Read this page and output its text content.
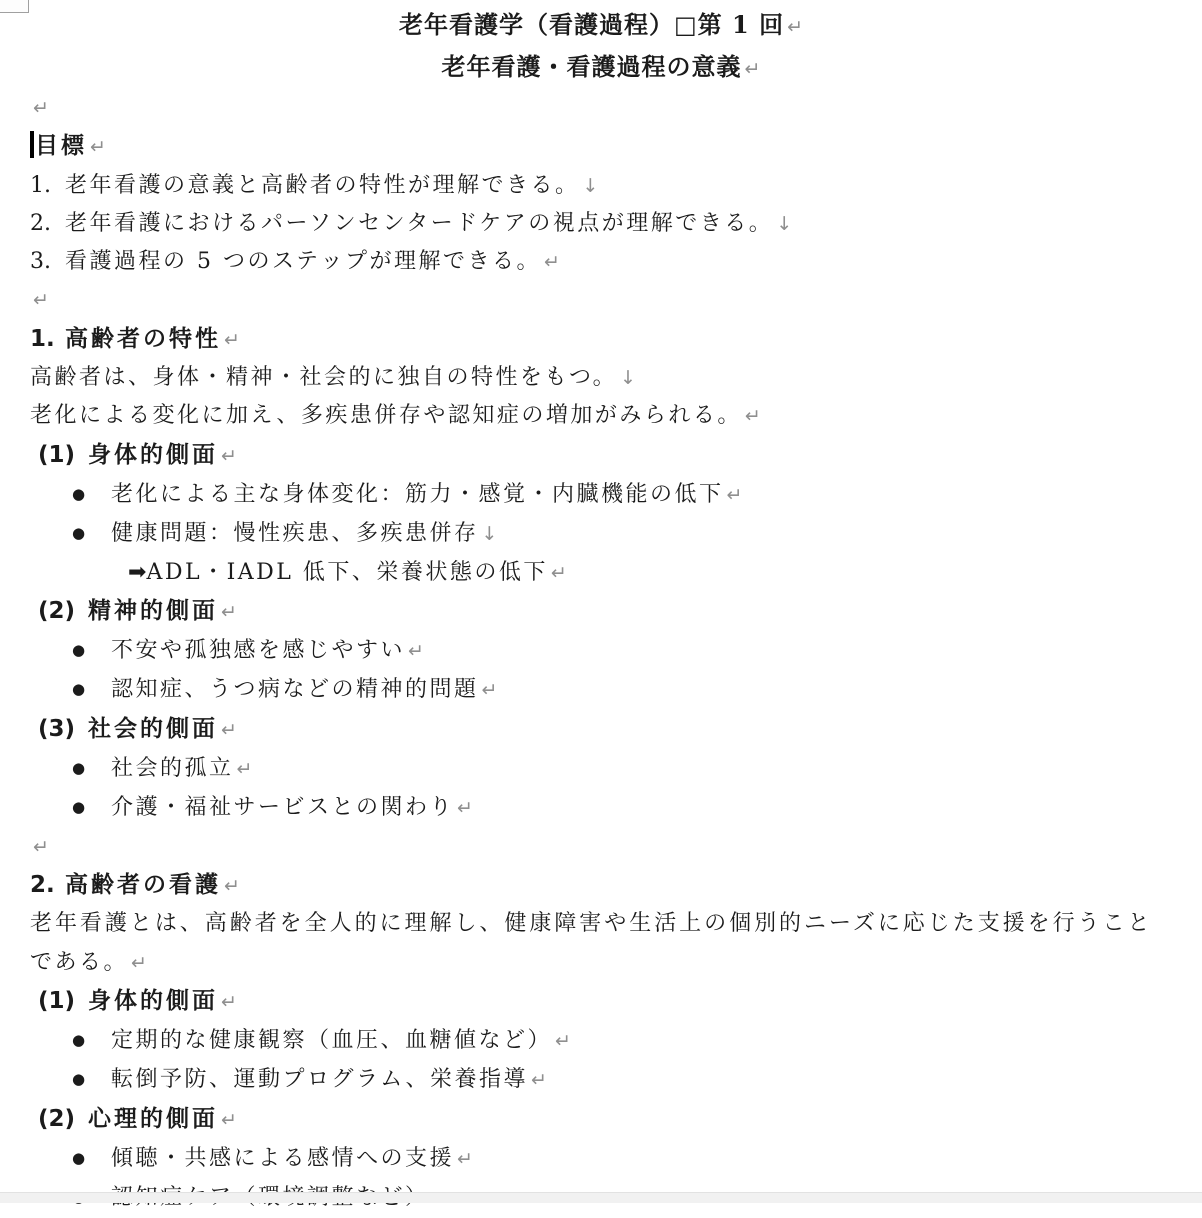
老年看護学（看護過程）□第 1 回 ↵
老年看護・看護過程の意義 ↵
↵
目標 ↵
1. 老年看護の意義と高齢者の特性が理解できる。 ↓
2. 老年看護におけるパーソンセンタードケアの視点が理解できる。 ↓
3. 看護過程の 5 つのステップが理解できる。 ↵
↵
1. 高齢者の特性 ↵
高齢者は、身体・精神・社会的に独自の特性をもつ。 ↓
老化による変化に加え、多疾患併存や認知症の増加がみられる。 ↵
(1) 身体的側面 ↵
● 老化による主な身体変化：筋力・感覚・内臓機能の低下 ↵
● 健康問題：慢性疾患、多疾患併存 ↓
➡ADL・IADL 低下、栄養状態の低下 ↵
(2) 精神的側面 ↵
● 不安や孤独感を感じやすい ↵
● 認知症、うつ病などの精神的問題 ↵
(3) 社会的側面 ↵
● 社会的孤立 ↵
● 介護・福祉サービスとの関わり ↵
↵
2. 高齢者の看護 ↵
老年看護とは、高齢者を全人的に理解し、健康障害や生活上の個別的ニーズに応じた支援を行うことである。 ↵
(1) 身体的側面 ↵
● 定期的な健康観察（血圧、血糖値など） ↵
● 転倒予防、運動プログラム、栄養指導 ↵
(2) 心理的側面 ↵
● 傾聴・共感による感情への支援 ↵
